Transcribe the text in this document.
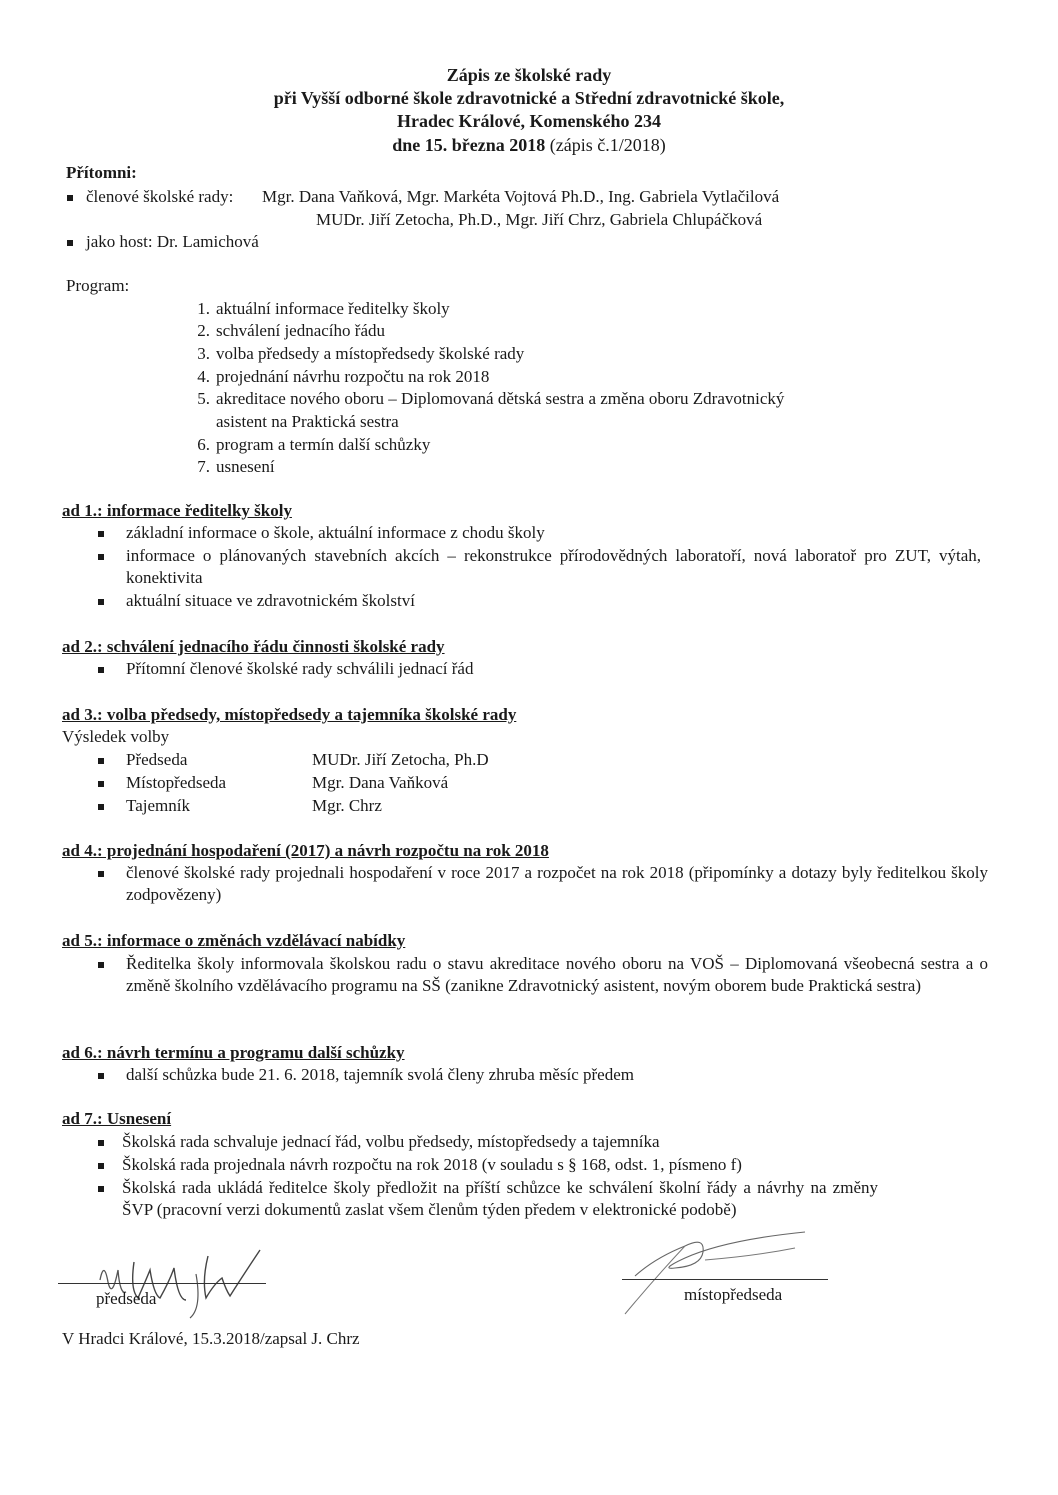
Zápis ze školské rady
při Vyšší odborné škole zdravotnické a Střední zdravotnické škole,
Hradec Králové, Komenského 234
dne 15. března 2018 (zápis č.1/2018)
Přítomni:
členové školské rady: Mgr. Dana Vaňková, Mgr. Markéta Vojtová Ph.D., Ing. Gabriela Vytlačilová
MUDr. Jiří Zetocha, Ph.D., Mgr. Jiří Chrz, Gabriela Chlupáčková
jako host: Dr. Lamichová
Program:
1. aktuální informace ředitelky školy
2. schválení jednacího řádu
3. volba předsedy a místopředsedy školské rady
4. projednání návrhu rozpočtu na rok 2018
5. akreditace nového oboru – Diplomovaná dětská sestra a změna oboru Zdravotnický
asistent na Praktická sestra
6. program a termín další schůzky
7. usnesení
ad 1.: informace ředitelky školy
základní informace o škole, aktuální informace z chodu školy
informace o plánovaných stavebních akcích – rekonstrukce přírodovědných laboratoří, nová laboratoř pro ZUT, výtah, konektivita
aktuální situace ve zdravotnickém školství
ad 2.: schválení jednacího řádu činnosti školské rady
Přítomní členové školské rady schválili jednací řád
ad 3.: volba předsedy, místopředsedy a tajemníka školské rady
Výsledek volby
Předseda	MUDr. Jiří Zetocha, Ph.D
Místopředseda	Mgr. Dana Vaňková
Tajemník	Mgr. Chrz
ad 4.: projednání hospodaření (2017) a návrh rozpočtu na rok 2018
členové školské rady projednali hospodaření v roce 2017 a rozpočet na rok 2018 (připomínky a dotazy byly ředitelkou školy zodpovězeny)
ad 5.: informace o změnách vzdělávací nabídky
Ředitelka školy informovala školskou radu o stavu akreditace nového oboru na VOŠ – Diplomovaná všeobecná sestra a o změně školního vzdělávacího programu na SŠ (zanikne Zdravotnický asistent, novým oborem bude Praktická sestra)
ad 6.: návrh termínu a programu další schůzky
další schůzka bude 21. 6. 2018, tajemník svolá členy zhruba měsíc předem
ad 7.: Usnesení
Školská rada schvaluje jednací řád, volbu předsedy, místopředsedy a tajemníka
Školská rada projednala návrh rozpočtu na rok 2018 (v souladu s § 168, odst. 1, písmeno f)
Školská rada ukládá ředitelce školy předložit na příští schůzce ke schválení školní řády a návrhy na změny ŠVP (pracovní verzi dokumentů zaslat všem členům týden předem v elektronické podobě)
předseda	místopředseda
V Hradci Králové, 15.3.2018/zapsal J. Chrz
